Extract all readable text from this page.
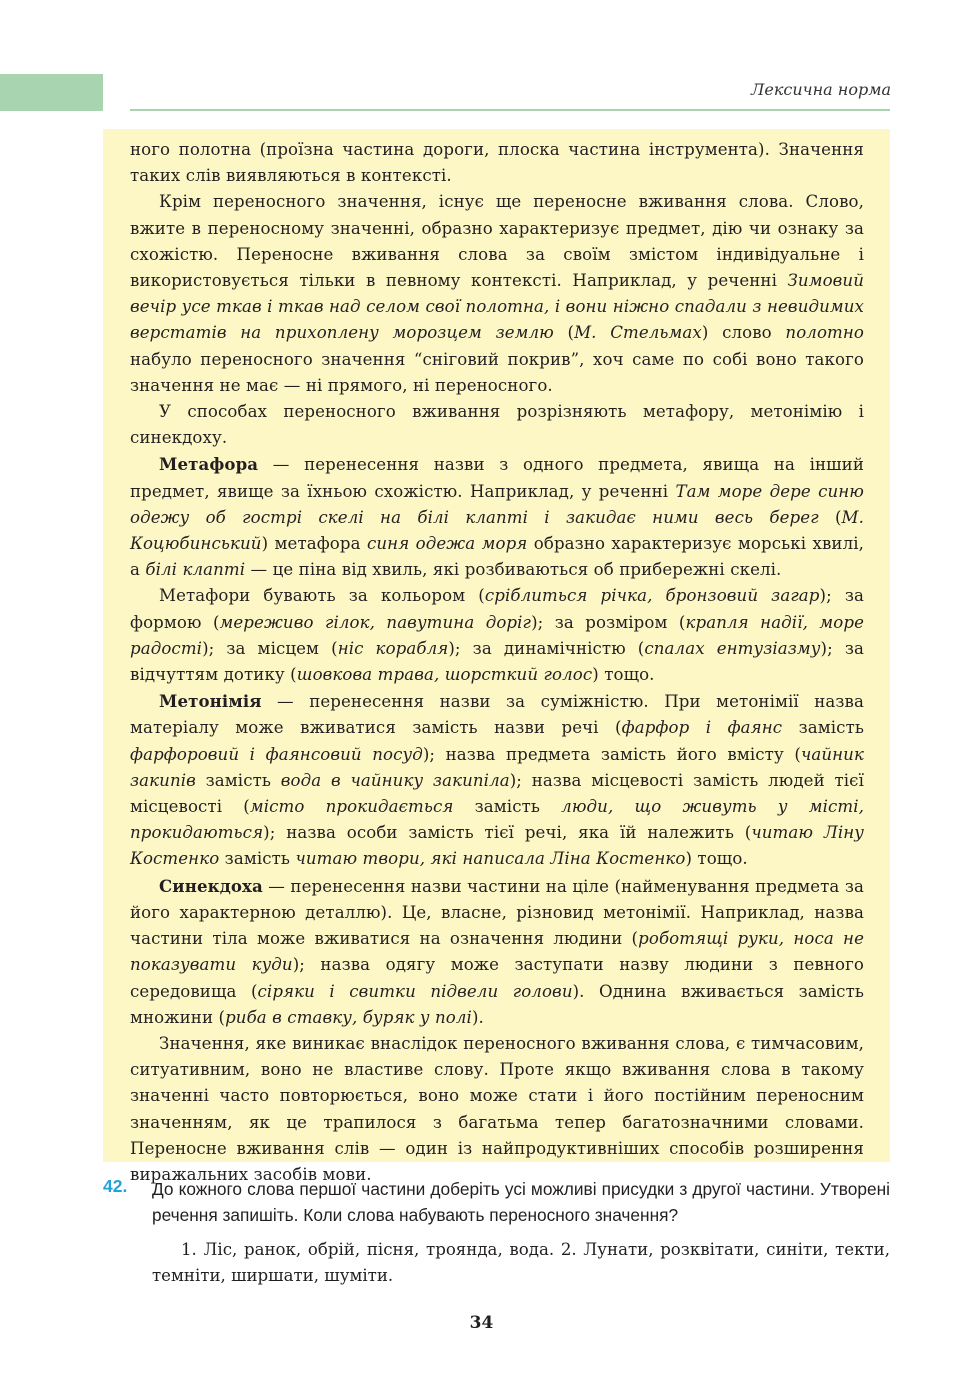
Лексична норма

ного полотна (проїзна частина дороги, плоска частина інструмента). Значення таких слів виявляються в контексті.

Крім переносного значення, існує ще переносне вживання слова. Слово, вжите в переносному значенні, образно характеризує предмет, дію чи ознаку за схожістю. Переносне вживання слова за своїм змістом індивідуальне і використовується тільки в певному контексті. Наприклад, у реченні Зимовий вечір усе ткав і ткав над селом свої полотна, і вони ніжно спадали з невидимих верстатів на прихоплену морозцем землю (М. Стельмах) слово полотно набуло переносного значення “сніговий покрив”, хоч саме по собі воно такого значення не має — ні прямого, ні переносного.

У способах переносного вживання розрізняють метафору, метонімію і синекдоху.

Метафора — перенесення назви з одного предмета, явища на інший предмет, явище за їхньою схожістю. Наприклад, у реченні Там море дере синю одежу об гострі скелі на білі клапті і закидає ними весь берег (М. Коцюбинський) метафора синя одежа моря образно характеризує морські хвилі, а білі клапті — це піна від хвиль, які розбиваються об прибережні скелі.

Метафори бувають за кольором (сріблиться річка, бронзовий загар); за формою (мереживо гілок, павутина доріг); за розміром (крапля надії, море радості); за місцем (ніс корабля); за динамічністю (спалах ентузіазму); за відчуттям дотику (шовкова трава, шорсткий голос) тощо.

Метонімія — перенесення назви за суміжністю. При метонімії назва матеріалу може вживатися замість назви речі (фарфор і фаянс замість фарфоровий і фаянсовий посуд); назва предмета замість його вмісту (чайник закипів замість вода в чайнику закипіла); назва місцевості замість людей тієї місцевості (місто прокидається замість люди, що живуть у місті, прокидаються); назва особи замість тієї речі, яка їй належить (читаю Ліну Костенко замість читаю твори, які написала Ліна Костенко) тощо.

Синекдоха — перенесення назви частини на ціле (найменування предмета за його характерною деталлю). Це, власне, різновид метонімії. Наприклад, назва частини тіла може вживатися на означення людини (роботящі руки, носа не показувати куди); назва одягу може заступати назву людини з певного середовища (сіряки і свитки підвели голови). Однина вживається замість множини (риба в ставку, буряк у полі).

Значення, яке виникає внаслідок переносного вживання слова, є тимчасовим, ситуативним, воно не властиве слову. Проте якщо вживання слова в такому значенні часто повторюється, воно може стати і його постійним переносним значенням, як це трапилося з багатьма тепер багатозначними словами. Переносне вживання слів — один із найпродуктивніших способів розширення виражальних засобів мови.

42. До кожного слова першої частини доберіть усі можливі присудки з другої частини. Утворені речення запишіть. Коли слова набувають переносного значення?
1. Ліс, ранок, обрій, пісня, троянда, вода. 2. Лунати, розквітати, синіти, текти, темніти, ширшати, шуміти.
34
